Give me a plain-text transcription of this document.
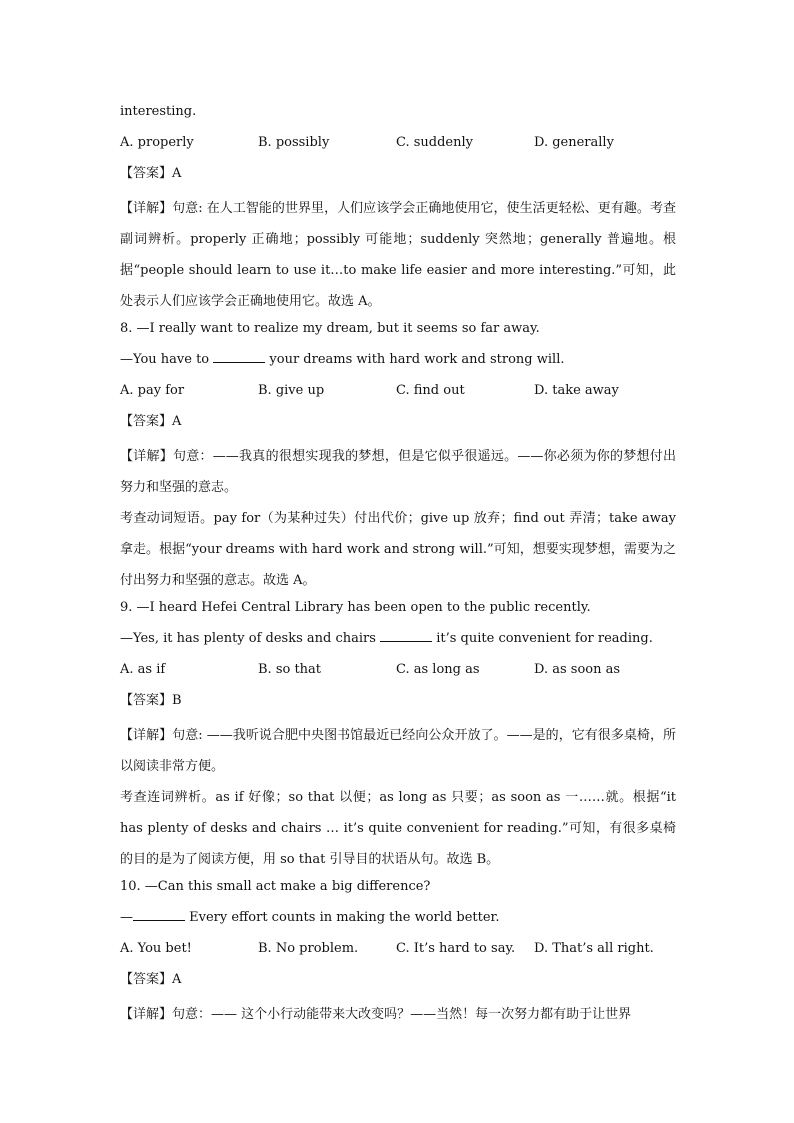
interesting.
A. properly	B. possibly	C. suddenly	D. generally
【答案】A
【详解】句意: 在人工智能的世界里，人们应该学会正确地使用它，使生活更轻松、更有趣。考查副词辨析。properly 正确地；possibly 可能地；suddenly 突然地；generally 普遍地。根据“people should learn to use it…to make life easier and more interesting.”可知，此处表示人们应该学会正确地使用它。故选 A。
8. —I really want to realize my dream, but it seems so far away.
—You have to	your dreams with hard work and strong will.
A. pay for	B. give up	C. find out	D. take away
【答案】A
【详解】句意：——我真的很想实现我的梦想，但是它似乎很遥远。——你必须为你的梦想付出努力和坚强的意志。
考查动词短语。pay for（为某种过失）付出代价；give up 放弃；find out 弄清；take away 拿走。根据“your dreams with hard work and strong will.”可知，想要实现梦想，需要为之付出努力和坚强的意志。故选 A。
9. —I heard Hefei Central Library has been open to the public recently.
—Yes, it has plenty of desks and chairs	it’s quite convenient for reading.
A. as if	B. so that	C. as long as	D. as soon as
【答案】B
【详解】句意: ——我听说合肥中央图书馆最近已经向公众开放了。——是的，它有很多桌椅，所以阅读非常方便。
考查连词辨析。as if 好像；so that 以便；as long as 只要；as soon as 一……就。根据“it has plenty of desks and chairs … it’s quite convenient for reading.”可知，有很多桌椅的目的是为了阅读方便，用 so that 引导目的状语从句。故选 B。
10. —Can this small act make a big difference?
—	Every effort counts in making the world better.
A. You bet!	B. No problem.	C. It’s hard to say.	D. That’s all right.
【答案】A
【详解】句意：—— 这个小行动能带来大改变吗？——当然！每一次努力都有助于让世界
